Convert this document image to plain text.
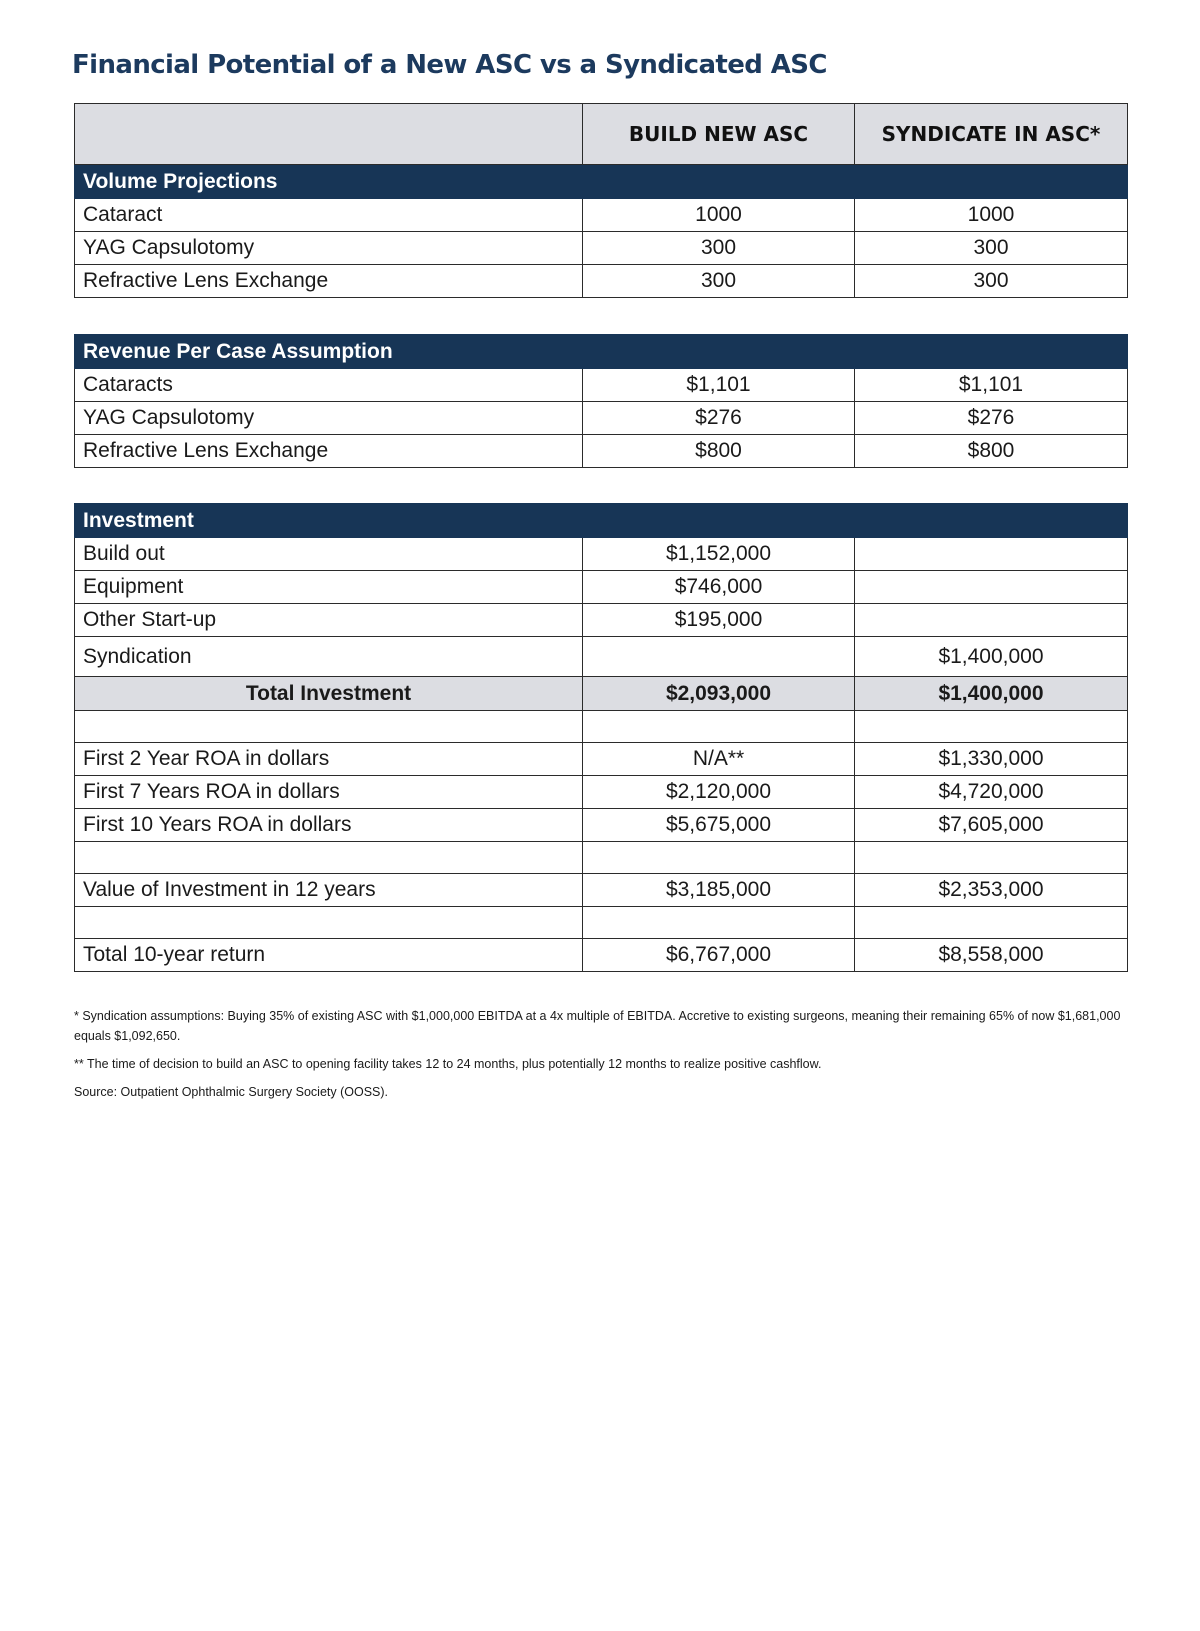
Financial Potential of a New ASC vs a Syndicated ASC
	BUILD NEW ASC	SYNDICATE IN ASC*
Volume Projections		
Cataract	1000	1000
YAG Capsulotomy	300	300
Refractive Lens Exchange	300	300
Revenue Per Case Assumption		
Cataracts	$1,101	$1,101
YAG Capsulotomy	$276	$276
Refractive Lens Exchange	$800	$800
Investment		
Build out	$1,152,000	
Equipment	$746,000	
Other Start-up	$195,000	
Syndication		$1,400,000
Total Investment	$2,093,000	$1,400,000

First 2 Year ROA in dollars	N/A**	$1,330,000
First 7 Years ROA in dollars	$2,120,000	$4,720,000
First 10 Years ROA in dollars	$5,675,000	$7,605,000

Value of Investment in 12 years	$3,185,000	$2,353,000

Total 10-year return	$6,767,000	$8,558,000

* Syndication assumptions: Buying 35% of existing ASC with $1,000,000 EBITDA at a 4x multiple of EBITDA. Accretive to existing surgeons, meaning their remaining 65% of now $1,681,000 equals $1,092,650.

** The time of decision to build an ASC to opening facility takes 12 to 24 months, plus potentially 12 months to realize positive cashflow.

Source: Outpatient Ophthalmic Surgery Society (OOSS).
